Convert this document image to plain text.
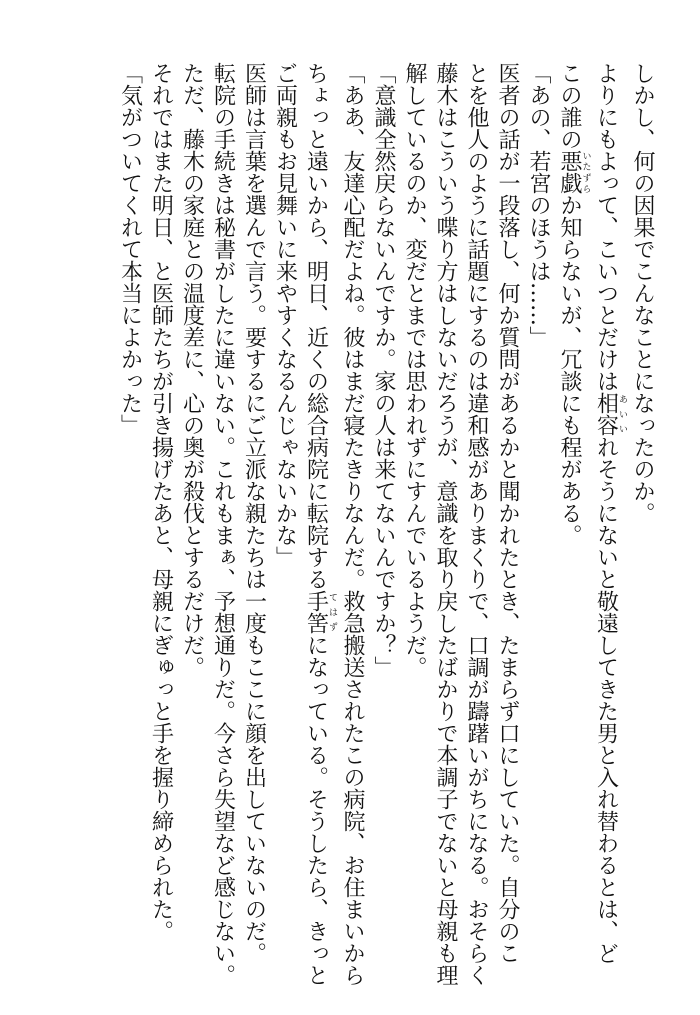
しかし、何の因果でこんなことになったのか。
よりにもよって、こいつとだけは相容あいいれそうにないと敬遠してきた男と入れ替わるとは、ど
この誰の悪戯いたずらか知らないが、冗談にも程がある。
「あの、若宮のほうは……」
医者の話が一段落し、何か質問があるかと聞かれたとき、たまらず口にしていた。自分のこ
とを他人のように話題にするのは違和感がありまくりで、口調が躊躇いがちになる。おそらく
藤木はこういう喋り方はしないだろうが、意識を取り戻したばかりで本調子でないと母親も理
解しているのか、変だとまでは思われずにすんでいるようだ。
「意識全然戻らないんですか。家の人は来てないんですか？」
「ああ、友達心配だよね。彼はまだ寝たきりなんだ。救急搬送されたこの病院、お住まいから
ちょっと遠いから、明日、近くの総合病院に転院する手筈てはずになっている。そうしたら、きっと
ご両親もお見舞いに来やすくなるんじゃないかな」
医師は言葉を選んで言う。要するにご立派な親たちは一度もここに顔を出していないのだ。
転院の手続きは秘書がしたに違いない。これもまぁ、予想通りだ。今さら失望など感じない。
ただ、藤木の家庭との温度差に、心の奥が殺伐とするだけだ。
それではまた明日、と医師たちが引き揚げたあと、母親にぎゅっと手を握り締められた。
「気がついてくれて本当によかった」
